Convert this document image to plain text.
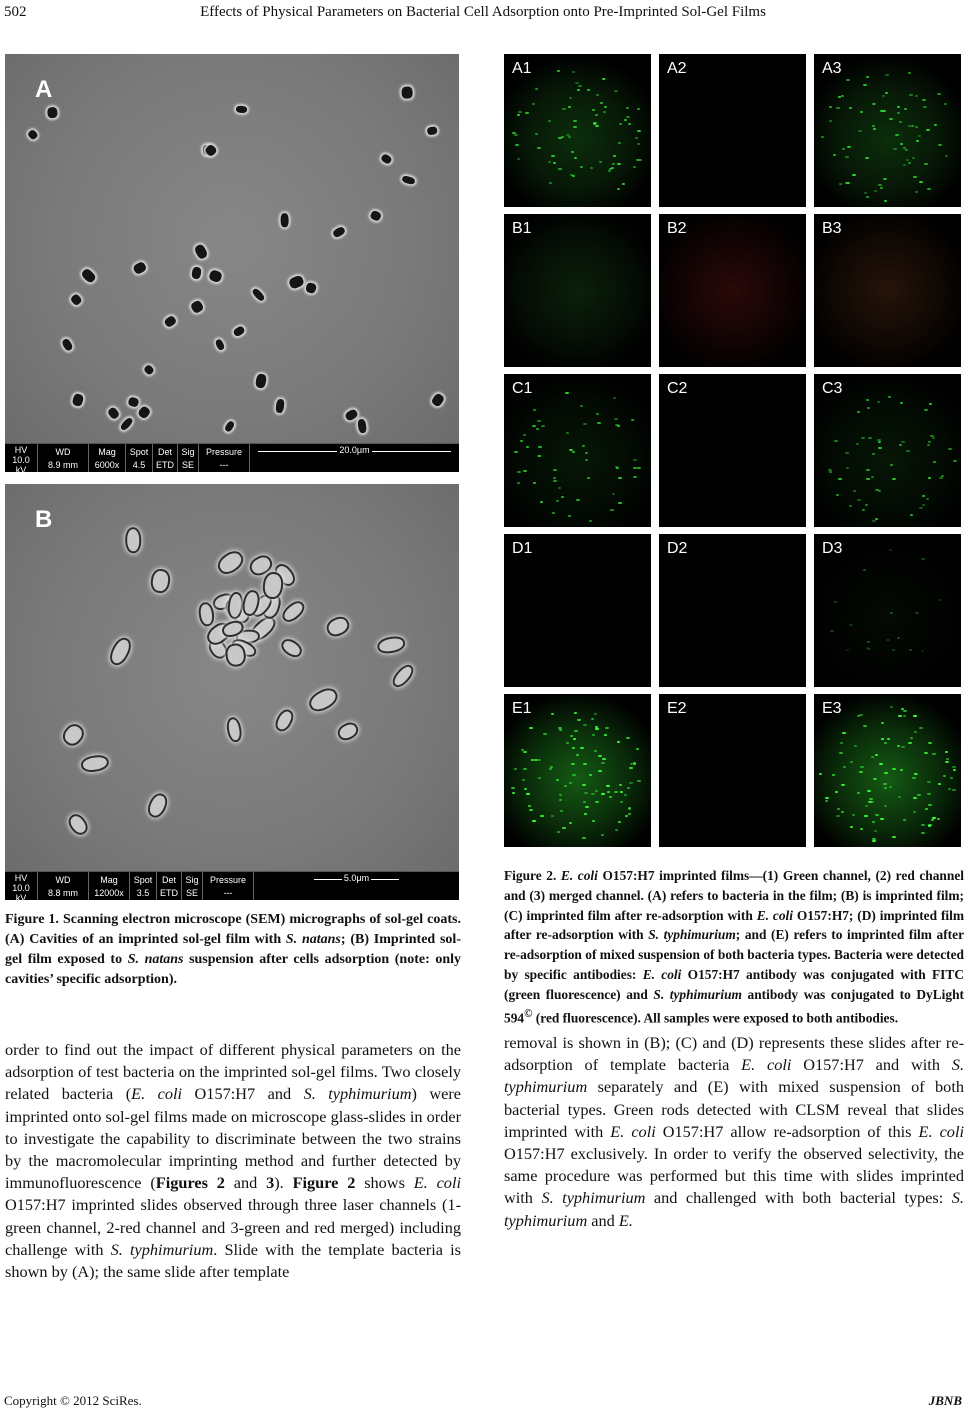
502	Effects of Physical Parameters on Bacterial Cell Adsorption onto Pre-Imprinted Sol-Gel Films
A
HV
10.0 kV
WD
8.9 mm
Mag
6000x
Spot
4.5
Det
ETD
Sig
SE
Pressure
---
20.0μm
B
HV
10.0 kV
WD
8.8 mm
Mag
12000x
Spot
3.5
Det
ETD
Sig
SE
Pressure
---
5.0μm
Figure 1. Scanning electron microscope (SEM) micrographs of sol-gel coats. (A) Cavities of an imprinted sol-gel film with S. natans; (B) Imprinted sol-gel film exposed to S. natans suspension after cells adsorption (note: only cavities’ specific adsorption).
A1	A2	A3
B1	B2	B3
C1	C2	C3
D1	D2	D3
E1	E2	E3
Figure 2. E. coli O157:H7 imprinted films—(1) Green channel, (2) red channel and (3) merged channel. (A) refers to bacteria in the film; (B) is imprinted film; (C) imprinted film after re-adsorption with E. coli O157:H7; (D) imprinted film after re-adsorption with S. typhimurium; and (E) refers to imprinted film after re-adsorption of mixed suspension of both bacteria types. Bacteria were detected by specific antibodies: E. coli O157:H7 antibody was conjugated with FITC (green fluorescence) and S. typhimurium antibody was conjugated to DyLight 594© (red fluorescence). All samples were exposed to both antibodies.
order to find out the impact of different physical parameters on the adsorption of test bacteria on the imprinted sol-gel films. Two closely related bacteria (E. coli O157:H7 and S. typhimurium) were imprinted onto sol-gel films made on microscope glass-slides in order to investigate the capability to discriminate between the two strains by the macromolecular imprinting method and further detected by immunofluorescence (Figures 2 and 3). Figure 2 shows E. coli O157:H7 imprinted slides observed through three laser channels (1-green channel, 2-red channel and 3-green and red merged) including challenge with S. typhimurium. Slide with the template bacteria is shown by (A); the same slide after template
removal is shown in (B); (C) and (D) represents these slides after re-adsorption of template bacteria E. coli O157:H7 and with S. typhimurium separately and (E) with mixed suspension of both bacterial types. Green rods detected with CLSM reveal that slides imprinted with E. coli O157:H7 allow re-adsorption of this E. coli O157:H7 exclusively. In order to verify the observed selectivity, the same procedure was performed but this time with slides imprinted with S. typhimurium and challenged with both bacterial types: S. typhimurium and E.
Copyright © 2012 SciRes.	JBNB
